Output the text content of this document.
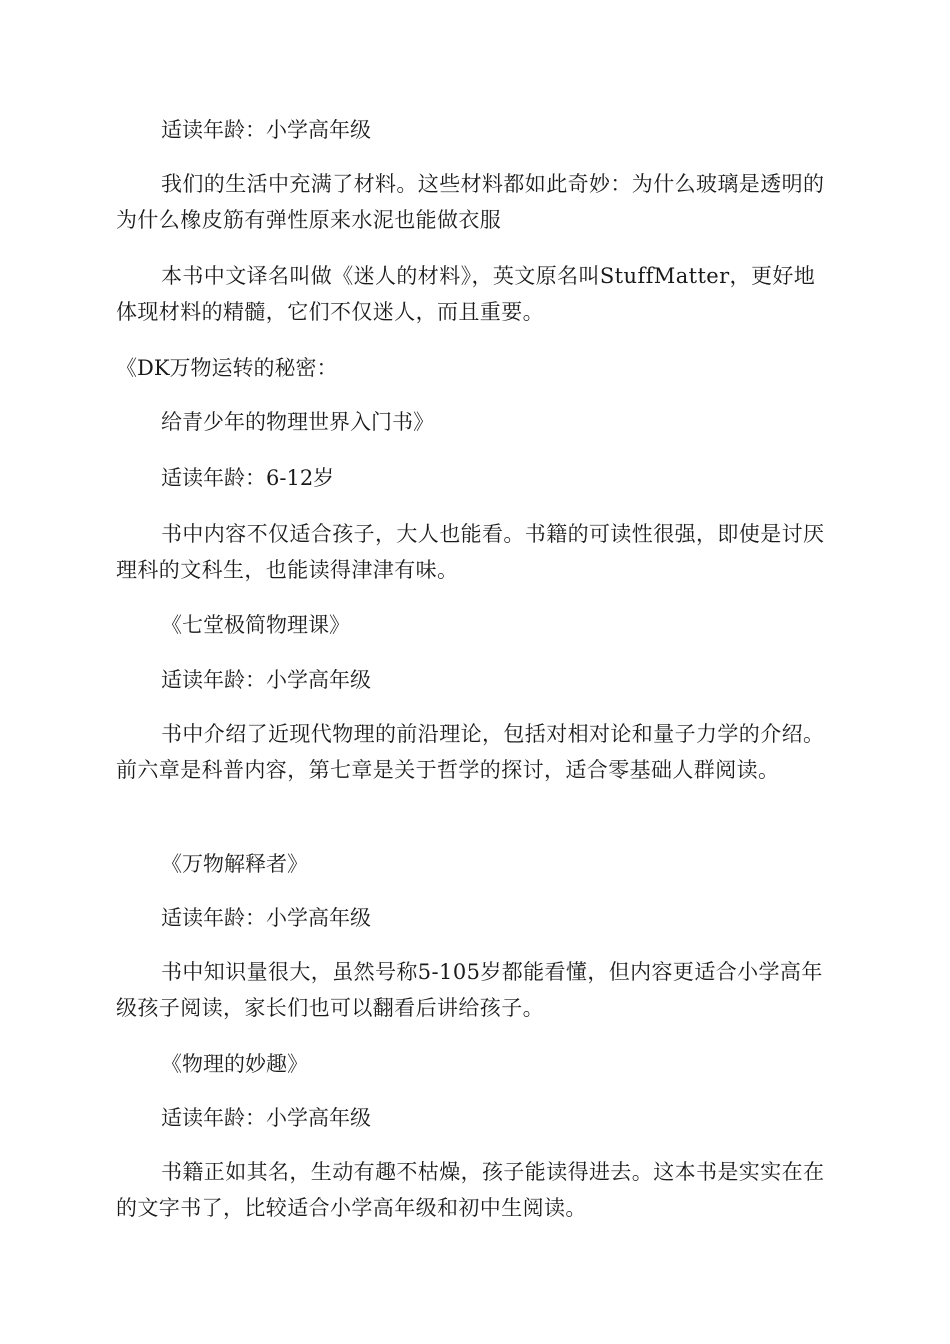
适读年龄：小学高年级

我们的生活中充满了材料。这些材料都如此奇妙：为什么玻璃是透明的为什么橡皮筋有弹性原来水泥也能做衣服

本书中文译名叫做《迷人的材料》，英文原名叫StuffMatter，更好地体现材料的精髓，它们不仅迷人，而且重要。

《DK万物运转的秘密：

给青少年的物理世界入门书》

适读年龄：6-12岁

书中内容不仅适合孩子，大人也能看。书籍的可读性很强，即使是讨厌理科的文科生，也能读得津津有味。

《七堂极简物理课》

适读年龄：小学高年级

书中介绍了近现代物理的前沿理论，包括对相对论和量子力学的介绍。前六章是科普内容，第七章是关于哲学的探讨，适合零基础人群阅读。

《万物解释者》

适读年龄：小学高年级

书中知识量很大，虽然号称5-105岁都能看懂，但内容更适合小学高年级孩子阅读，家长们也可以翻看后讲给孩子。

《物理的妙趣》

适读年龄：小学高年级

书籍正如其名，生动有趣不枯燥，孩子能读得进去。这本书是实实在在的文字书了，比较适合小学高年级和初中生阅读。
